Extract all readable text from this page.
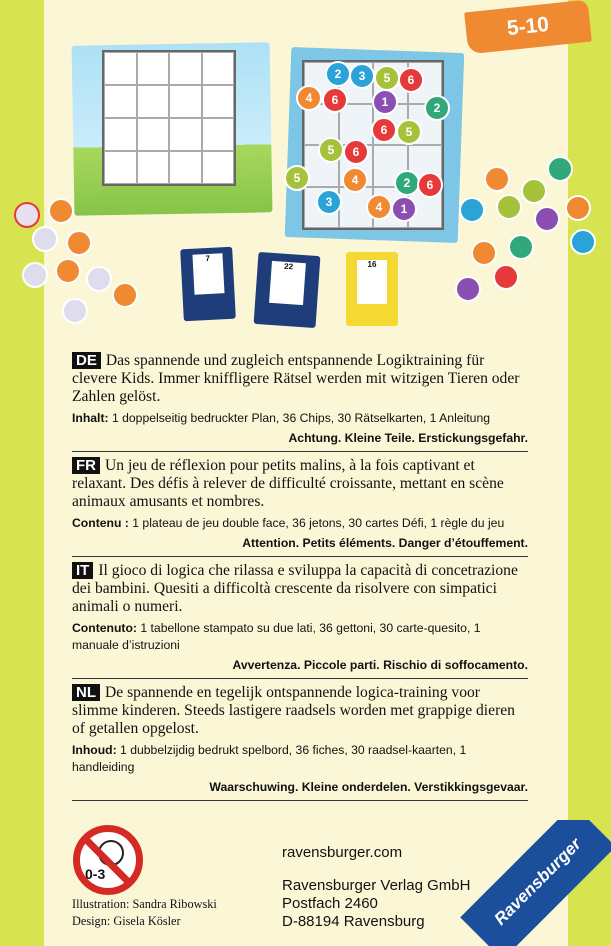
5-10
2	3	5	6
4	6	1	2
6	5
5	6
5	4	2	6
3	4	1
7
22	16

DE Das spannende und zugleich entspannende Logiktraining für clevere Kids. Immer kniffligere Rätsel werden mit witzigen Tieren oder Zahlen gelöst.

Inhalt: 1 doppelseitig bedruckter Plan, 36 Chips, 30 Rätselkarten, 1 Anleitung

Achtung. Kleine Teile. Erstickungsgefahr.

FR Un jeu de réflexion pour petits malins, à la fois captivant et relaxant. Des défis à relever de difficulté croissante, mettant en scène animaux amusants et nombres.

Contenu : 1 plateau de jeu double face, 36 jetons, 30 cartes Défi, 1 règle du jeu

Attention. Petits éléments. Danger d’étouffement.

IT Il gioco di logica che rilassa e sviluppa la capacità di concetrazione dei bambini. Quesiti a difficoltà crescente da risolvere con simpatici animali o numeri.

Contenuto: 1 tabellone stampato su due lati, 36 gettoni, 30 carte-quesito, 1 manuale d’istruzioni

Avvertenza. Piccole parti. Rischio di soffocamento.

NL De spannende en tegelijk ontspannende logica-training voor slimme kinderen. Steeds lastigere raadsels worden met grappige dieren of getallen opgelost.

Inhoud: 1 dubbelzijdig bedrukt spelbord, 36 fiches, 30 raadsel-kaarten, 1 handleiding

Waarschuwing. Kleine onderdelen. Verstikkingsgevaar.

0-3
Illustration: Sandra Ribowski
Design: Gisela Kösler
ravensburger.com
Ravensburger Verlag GmbH
Postfach 2460
D-88194 Ravensburg	Ravensburger
